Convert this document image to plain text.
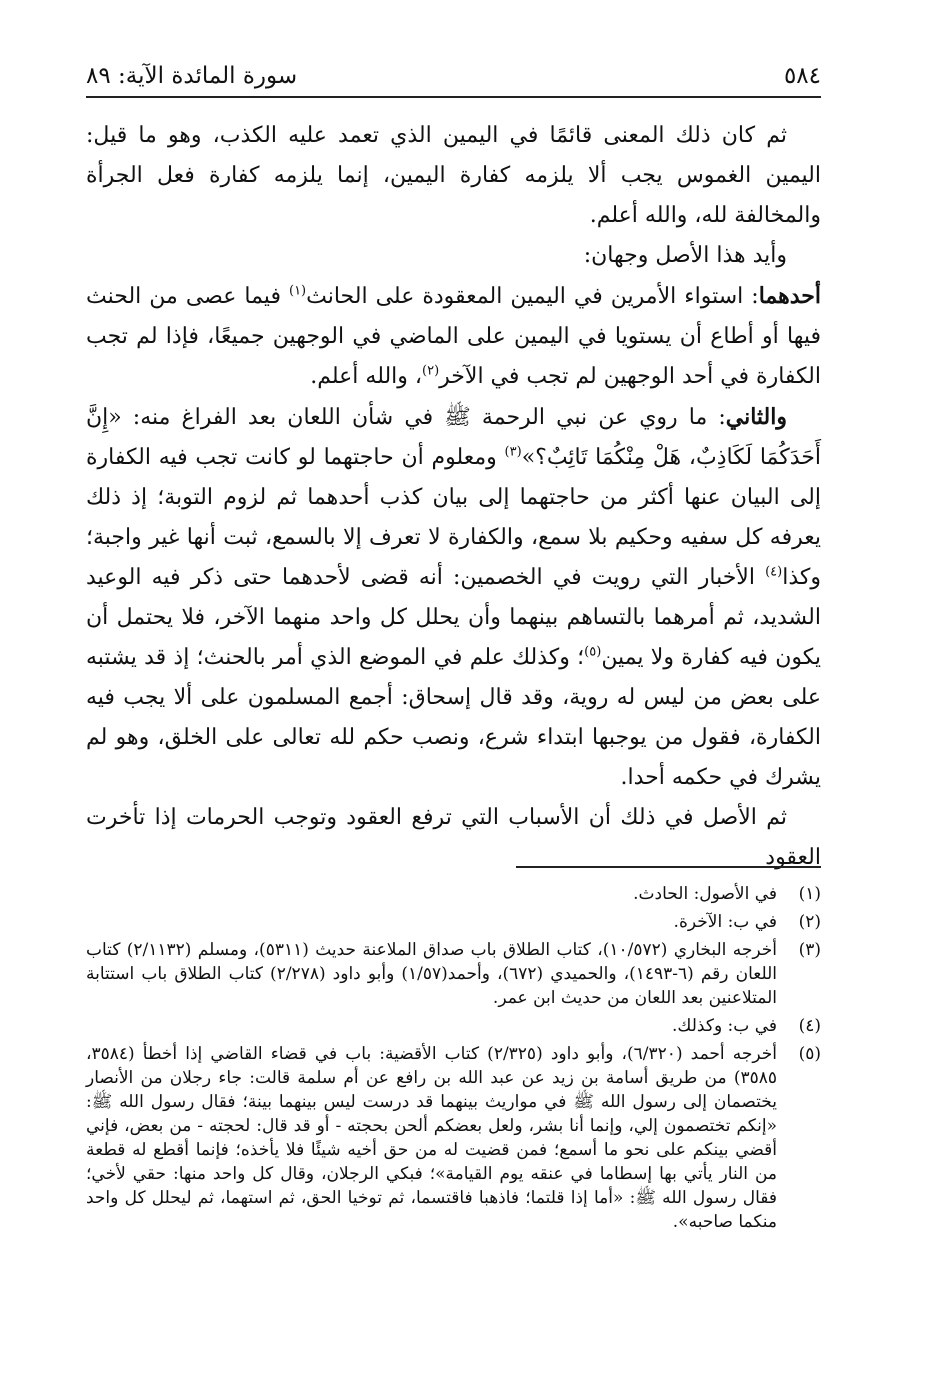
٥٨٤
سورة المائدة الآية: ٨٩

ثم كان ذلك المعنى قائمًا في اليمين الذي تعمد عليه الكذب، وهو ما قيل: اليمين الغموس يجب ألا يلزمه كفارة اليمين، إنما يلزمه كفارة فعل الجرأة والمخالفة لله، والله أعلم.

وأيد هذا الأصل وجهان:

أحدهما: استواء الأمرين في اليمين المعقودة على الحانث$^{(١)}$ فيما عصى من الحنث فيها أو أطاع أن يستويا في اليمين على الماضي في الوجهين جميعًا، فإذا لم تجب الكفارة في أحد الوجهين لم تجب في الآخر$^{(٢)}$، والله أعلم.

والثاني: ما روي عن نبي الرحمة ﷺ في شأن اللعان بعد الفراغ منه: «إِنَّ أَحَدَكُمَا لَكَاذِبٌ، هَلْ مِنْكُمَا تَائِبٌ؟»$^{(٣)}$ ومعلوم أن حاجتهما لو كانت تجب فيه الكفارة إلى البيان عنها أكثر من حاجتهما إلى بيان كذب أحدهما ثم لزوم التوبة؛ إذ ذلك يعرفه كل سفيه وحكيم بلا سمع، والكفارة لا تعرف إلا بالسمع، ثبت أنها غير واجبة؛ وكذا$^{(٤)}$ الأخبار التي رويت في الخصمين: أنه قضى لأحدهما حتى ذكر فيه الوعيد الشديد، ثم أمرهما بالتساهم بينهما وأن يحلل كل واحد منهما الآخر، فلا يحتمل أن يكون فيه كفارة ولا يمين$^{(٥)}$؛ وكذلك علم في الموضع الذي أمر بالحنث؛ إذ قد يشتبه على بعض من ليس له روية، وقد قال إسحاق: أجمع المسلمون على ألا يجب فيه الكفارة، فقول من يوجبها ابتداء شرع، ونصب حكم لله تعالى على الخلق، وهو لم يشرك في حكمه أحدا.

ثم الأصل في ذلك أن الأسباب التي ترفع العقود وتوجب الحرمات إذا تأخرت العقود

(١)
في الأصول: الحادث.
(٢)
في ب: الآخرة.
(٣)
أخرجه البخاري (١٠/٥٧٢)، كتاب الطلاق باب صداق الملاعنة حديث (٥٣١١)، ومسلم (٢/١١٣٢) كتاب اللعان رقم (٦-١٤٩٣)، والحميدي (٦٧٢)، وأحمد(١/٥٧) وأبو داود (٢/٢٧٨) كتاب الطلاق باب استتابة المتلاعنين بعد اللعان من حديث ابن عمر.
(٤)
في ب: وكذلك.
(٥)
أخرجه أحمد (٦/٣٢٠)، وأبو داود (٢/٣٢٥) كتاب الأقضية: باب في قضاء القاضي إذا أخطأ (٣٥٨٤، ٣٥٨٥) من طريق أسامة بن زيد عن عبد الله بن رافع عن أم سلمة قالت: جاء رجلان من الأنصار يختصمان إلى رسول الله ﷺ في مواريث بينهما قد درست ليس بينهما بينة؛ فقال رسول الله ﷺ: «إنكم تختصمون إلي، وإنما أنا بشر، ولعل بعضكم ألحن بحجته - أو قد قال: لحجته - من بعض، فإني أقضي بينكم على نحو ما أسمع؛ فمن قضيت له من حق أخيه شيئًا فلا يأخذه؛ فإنما أقطع له قطعة من النار يأتي بها إسطاما في عنقه يوم القيامة»؛ فبكي الرجلان، وقال كل واحد منها: حقي لأخي؛ فقال رسول الله ﷺ: «أما إذا قلتما؛ فاذهبا فاقتسما، ثم توخيا الحق، ثم استهما، ثم ليحلل كل واحد منكما صاحبه».
